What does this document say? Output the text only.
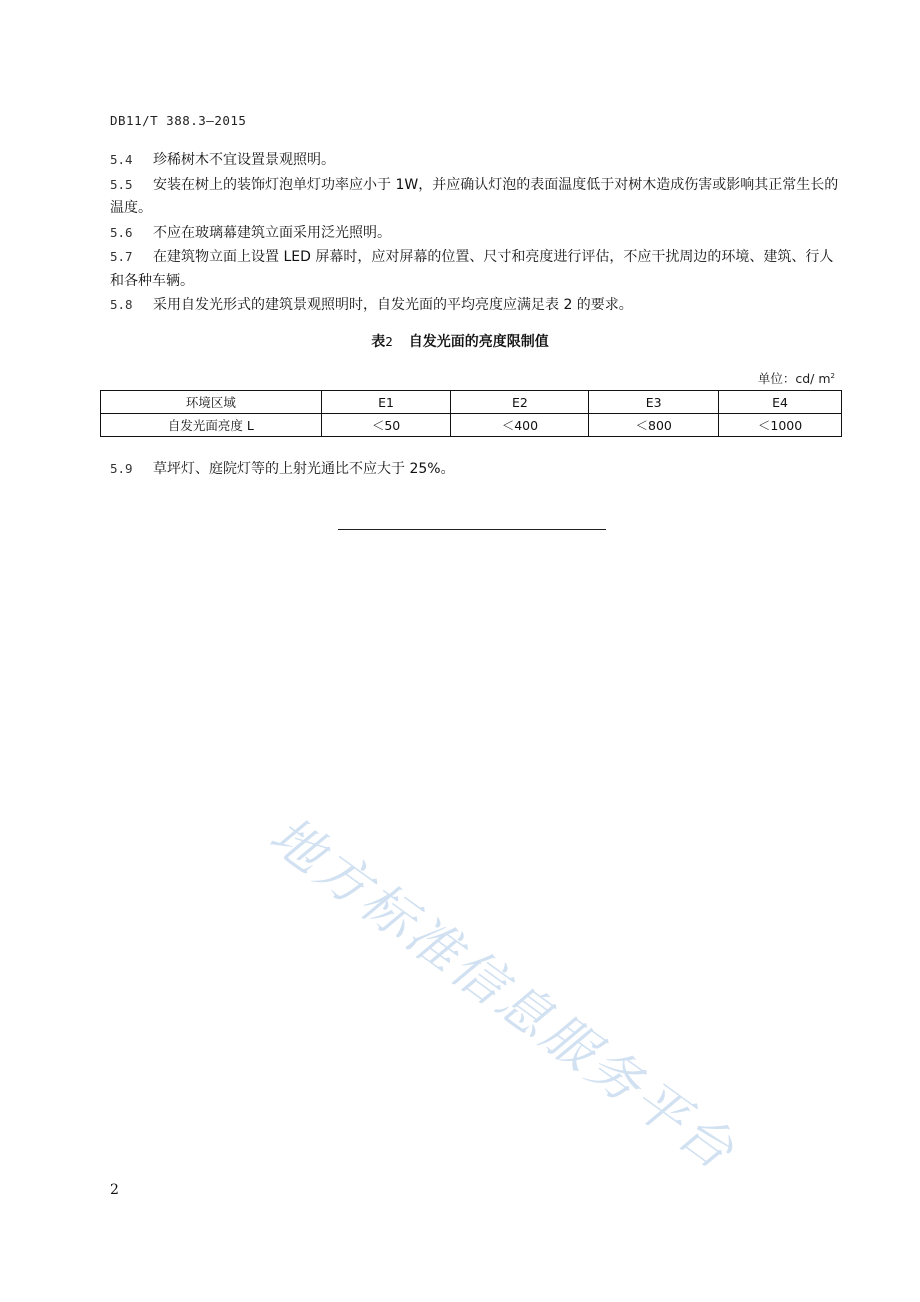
DB11/T 388.3—2015

5.4 珍稀树木不宜设置景观照明。

5.5 安装在树上的装饰灯泡单灯功率应小于 1W，并应确认灯泡的表面温度低于对树木造成伤害或影响其正常生长的温度。

5.6 不应在玻璃幕建筑立面采用泛光照明。

5.7 在建筑物立面上设置 LED 屏幕时，应对屏幕的位置、尺寸和亮度进行评估，不应干扰周边的环境、建筑、行人和各种车辆。

5.8 采用自发光形式的建筑景观照明时，自发光面的平均亮度应满足表 2 的要求。

表2 自发光面的亮度限制值
单位：cd/ $m^2$
环境区域	E1	E2	E3	E4
自发光面亮度 L	＜50	＜400	＜800	＜1000
5.9 草坪灯、庭院灯等的上射光通比不应大于 25%。
地方标准信息服务平台
2
